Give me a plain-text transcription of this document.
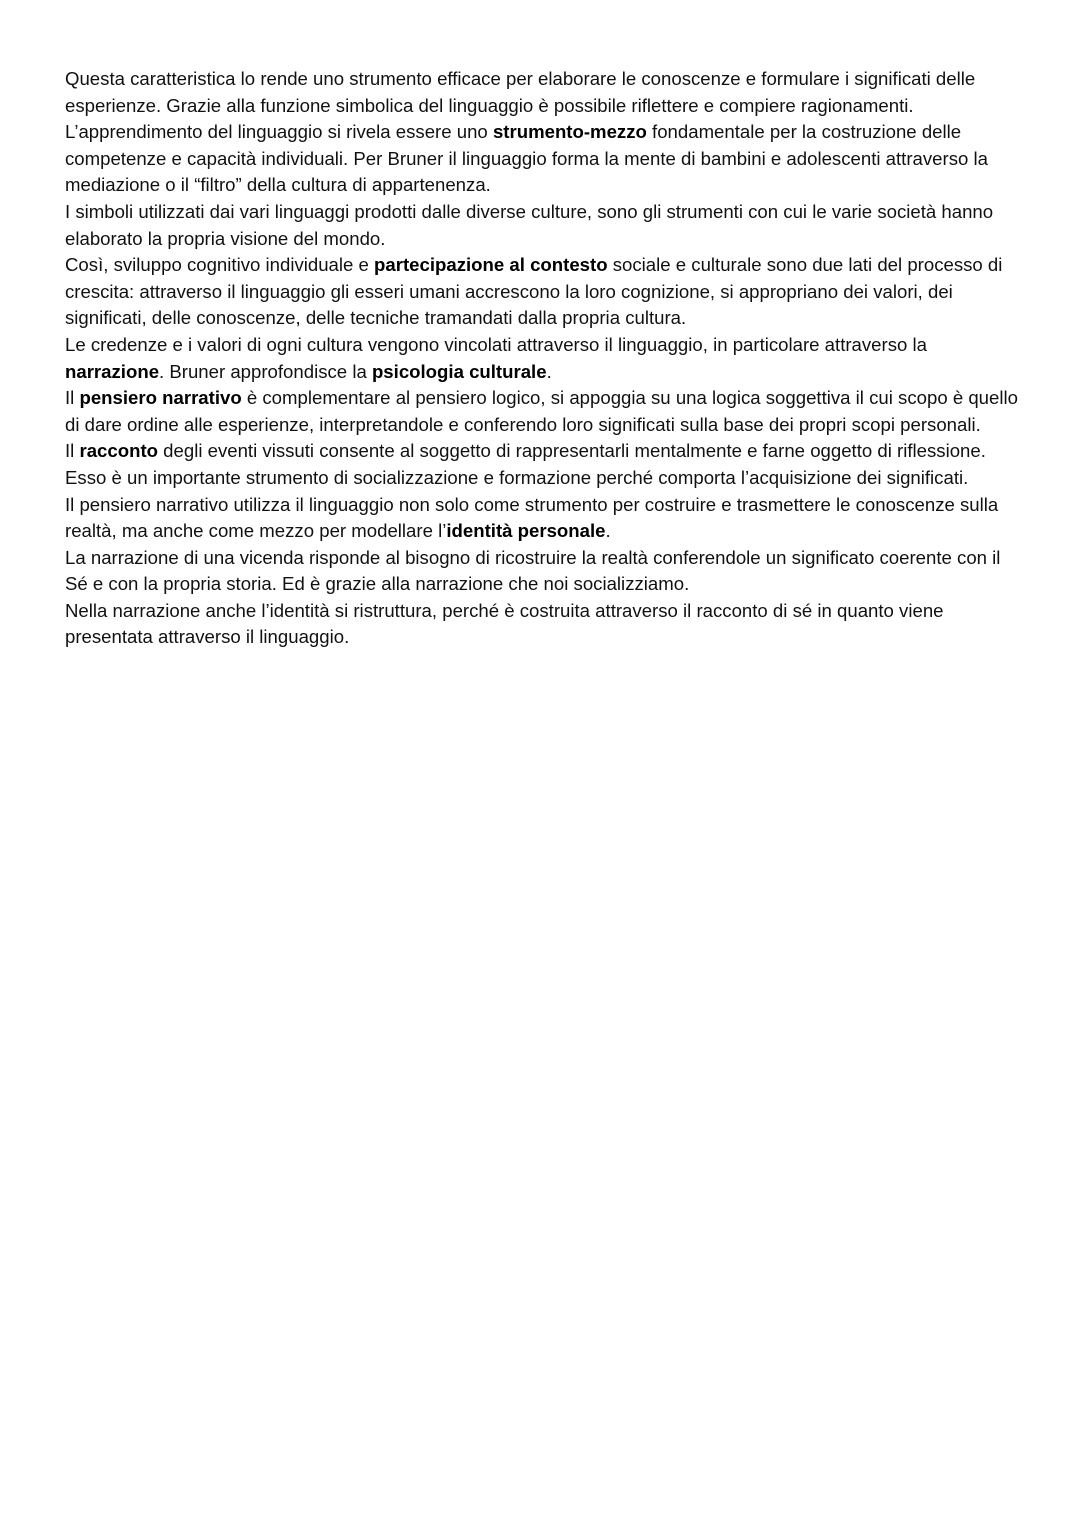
Questa caratteristica lo rende uno strumento efficace per elaborare le conoscenze e formulare i significati delle esperienze. Grazie alla funzione simbolica del linguaggio è possibile riflettere e compiere ragionamenti.

L’apprendimento del linguaggio si rivela essere uno strumento-mezzo fondamentale per la costruzione delle competenze e capacità individuali. Per Bruner il linguaggio forma la mente di bambini e adolescenti attraverso la mediazione o il “filtro” della cultura di appartenenza.

I simboli utilizzati dai vari linguaggi prodotti dalle diverse culture, sono gli strumenti con cui le varie società hanno elaborato la propria visione del mondo.

Così, sviluppo cognitivo individuale e partecipazione al contesto sociale e culturale sono due lati del processo di crescita: attraverso il linguaggio gli esseri umani accrescono la loro cognizione, si appropriano dei valori, dei significati, delle conoscenze, delle tecniche tramandati dalla propria cultura.

Le credenze e i valori di ogni cultura vengono vincolati attraverso il linguaggio, in particolare attraverso la narrazione. Bruner approfondisce la psicologia culturale.

Il pensiero narrativo è complementare al pensiero logico, si appoggia su una logica soggettiva il cui scopo è quello di dare ordine alle esperienze, interpretandole e conferendo loro significati sulla base dei propri scopi personali.

Il racconto degli eventi vissuti consente al soggetto di rappresentarli mentalmente e farne oggetto di riflessione. Esso è un importante strumento di socializzazione e formazione perché comporta l’acquisizione dei significati.

Il pensiero narrativo utilizza il linguaggio non solo come strumento per costruire e trasmettere le conoscenze sulla realtà, ma anche come mezzo per modellare l’identità personale.

La narrazione di una vicenda risponde al bisogno di ricostruire la realtà conferendole un significato coerente con il Sé e con la propria storia. Ed è grazie alla narrazione che noi socializziamo.

Nella narrazione anche l’identità si ristruttura, perché è costruita attraverso il racconto di sé in quanto viene presentata attraverso il linguaggio.
